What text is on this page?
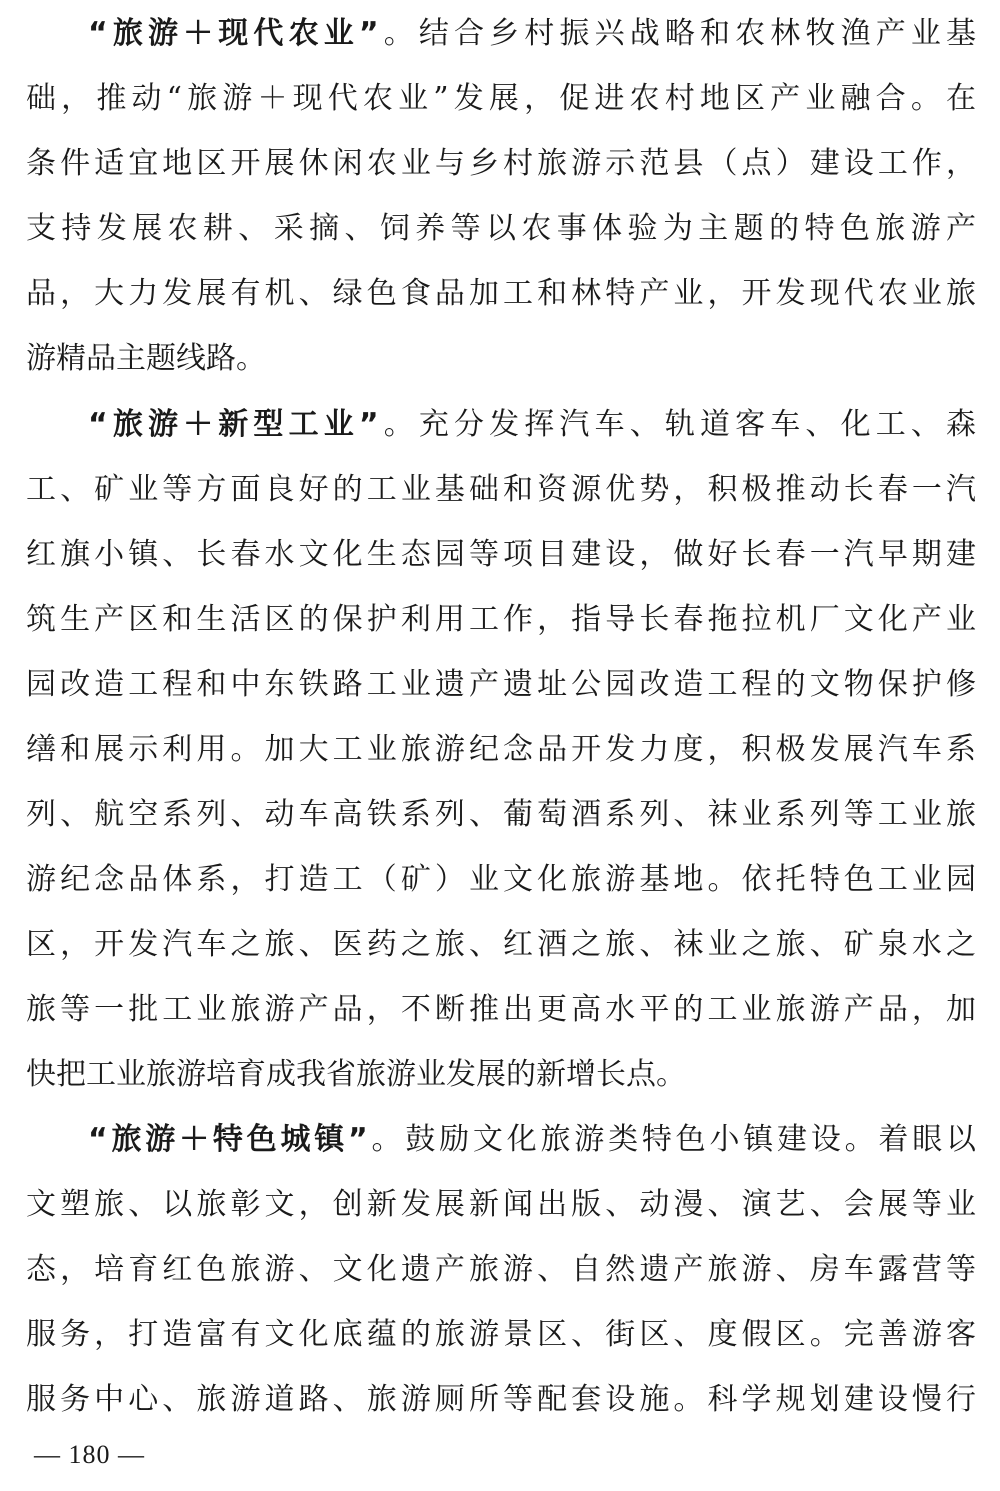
“旅游＋现代农业”。结合乡村振兴战略和农林牧渔产业基
础，推动“旅游＋现代农业”发展，促进农村地区产业融合。在
条件适宜地区开展休闲农业与乡村旅游示范县（点）建设工作，
支持发展农耕、采摘、饲养等以农事体验为主题的特色旅游产
品，大力发展有机、绿色食品加工和林特产业，开发现代农业旅
游精品主题线路。
“旅游＋新型工业”。充分发挥汽车、轨道客车、化工、森
工、矿业等方面良好的工业基础和资源优势，积极推动长春一汽
红旗小镇、长春水文化生态园等项目建设，做好长春一汽早期建
筑生产区和生活区的保护利用工作，指导长春拖拉机厂文化产业
园改造工程和中东铁路工业遗产遗址公园改造工程的文物保护修
缮和展示利用。加大工业旅游纪念品开发力度，积极发展汽车系
列、航空系列、动车高铁系列、葡萄酒系列、袜业系列等工业旅
游纪念品体系，打造工（矿）业文化旅游基地。依托特色工业园
区，开发汽车之旅、医药之旅、红酒之旅、袜业之旅、矿泉水之
旅等一批工业旅游产品，不断推出更高水平的工业旅游产品，加
快把工业旅游培育成我省旅游业发展的新增长点。
“旅游＋特色城镇”。鼓励文化旅游类特色小镇建设。着眼以
文塑旅、以旅彰文，创新发展新闻出版、动漫、演艺、会展等业
态，培育红色旅游、文化遗产旅游、自然遗产旅游、房车露营等
服务，打造富有文化底蕴的旅游景区、街区、度假区。完善游客
服务中心、旅游道路、旅游厕所等配套设施。科学规划建设慢行
— 180 —
